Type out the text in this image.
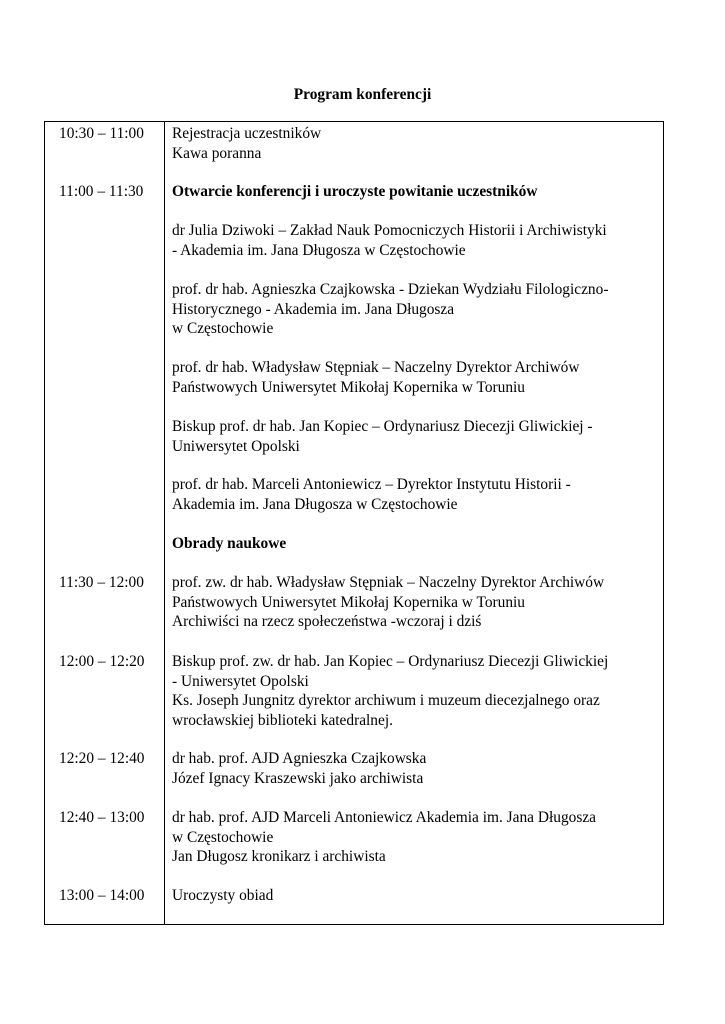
Program konferencji
10:30 – 11:00
11:00 – 11:30
11:30 – 12:00
12:00 – 12:20
12:20 – 12:40
12:40 – 13:00
13:00 – 14:00
Rejestracja uczestników
Kawa poranna
Otwarcie konferencji i uroczyste powitanie uczestników
dr Julia Dziwoki – Zakład Nauk Pomocniczych Historii i Archiwistyki
- Akademia im. Jana Długosza w Częstochowie
prof. dr hab. Agnieszka Czajkowska - Dziekan Wydziału Filologiczno-
Historycznego - Akademia im. Jana Długosza
w Częstochowie
prof. dr hab. Władysław Stępniak – Naczelny Dyrektor Archiwów
Państwowych Uniwersytet Mikołaj Kopernika w Toruniu
Biskup prof. dr hab. Jan Kopiec – Ordynariusz Diecezji Gliwickiej -
Uniwersytet Opolski
prof. dr hab. Marceli Antoniewicz – Dyrektor Instytutu Historii -
Akademia im. Jana Długosza w Częstochowie
Obrady naukowe
prof. zw. dr hab. Władysław Stępniak – Naczelny Dyrektor Archiwów
Państwowych Uniwersytet Mikołaj Kopernika w Toruniu
Archiwiści na rzecz społeczeństwa -wczoraj i dziś
Biskup prof. zw. dr hab. Jan Kopiec – Ordynariusz Diecezji Gliwickiej
- Uniwersytet Opolski
Ks. Joseph Jungnitz dyrektor archiwum i muzeum diecezjalnego oraz
wrocławskiej biblioteki katedralnej.
dr hab. prof. AJD Agnieszka Czajkowska
Józef Ignacy Kraszewski jako archiwista
dr hab. prof. AJD Marceli Antoniewicz Akademia im. Jana Długosza
w Częstochowie
Jan Długosz kronikarz i archiwista
Uroczysty obiad
